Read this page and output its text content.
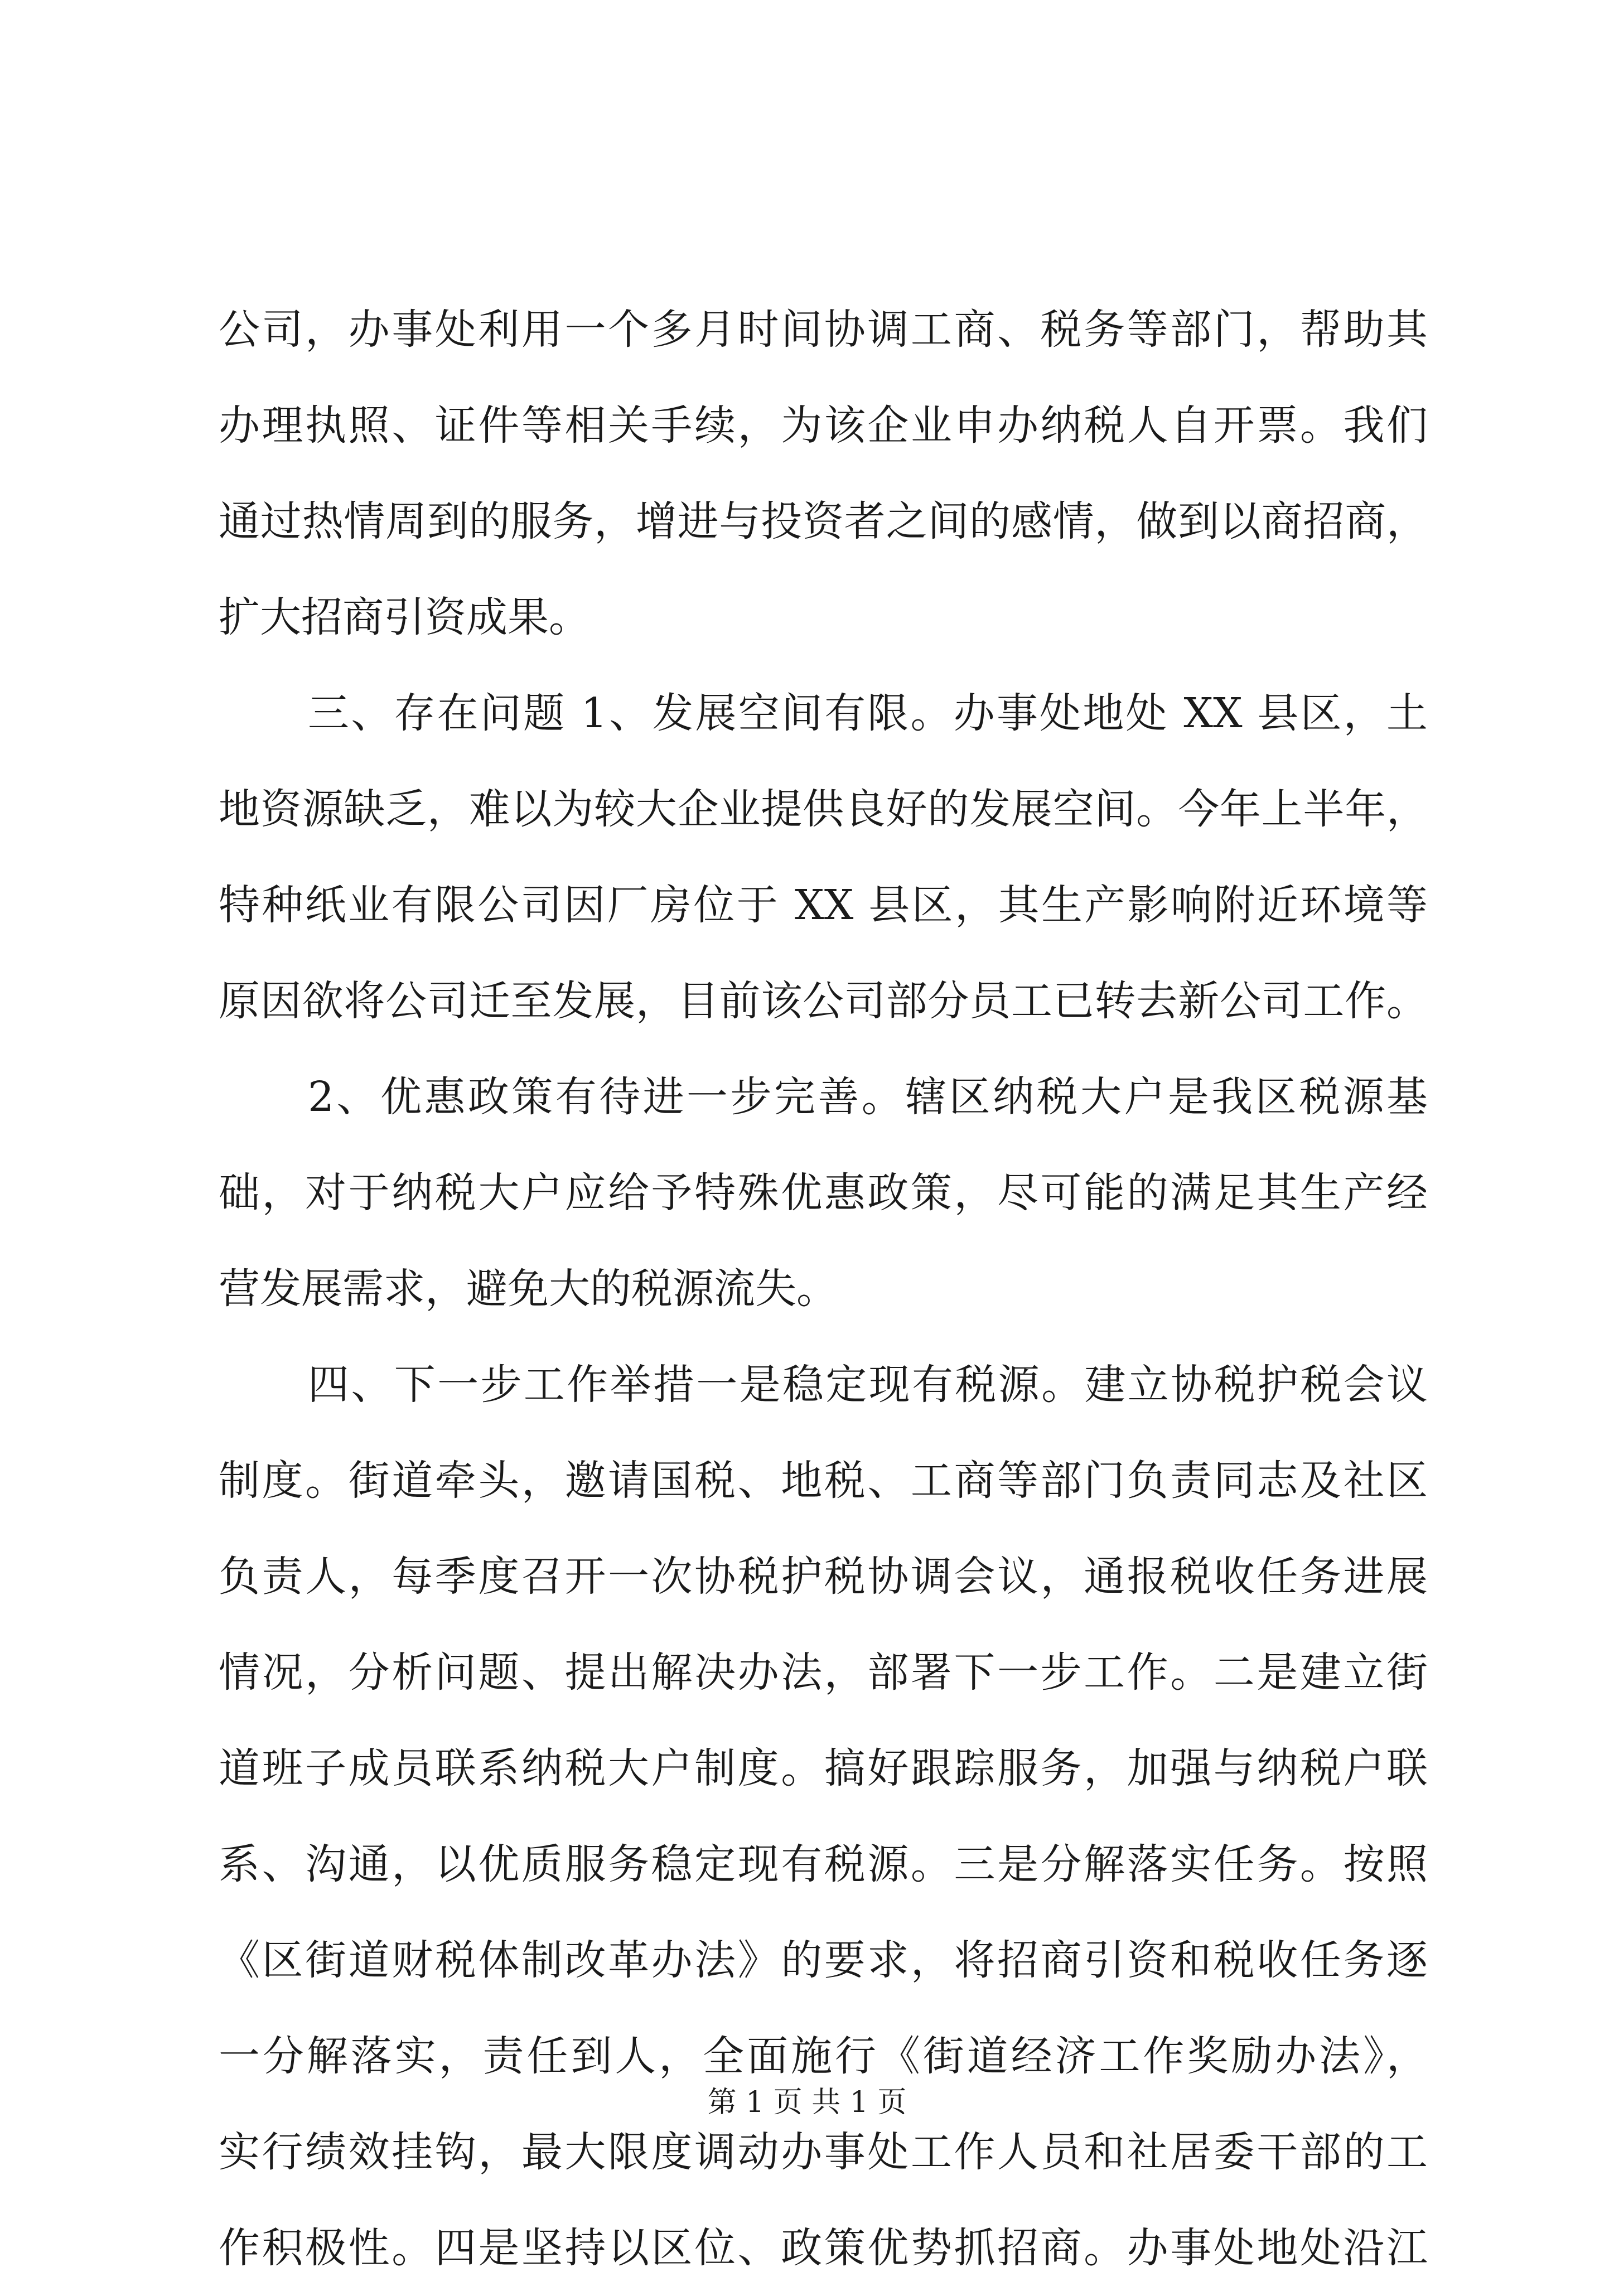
公司，办事处利用一个多月时间协调工商、税务等部门，帮助其
办理执照、证件等相关手续，为该企业申办纳税人自开票。我们
通过热情周到的服务，增进与投资者之间的感情，做到以商招商，
扩大招商引资成果。
三、存在问题 1、发展空间有限。办事处地处 XX 县区，土
地资源缺乏，难以为较大企业提供良好的发展空间。今年上半年，
特种纸业有限公司因厂房位于 XX 县区，其生产影响附近环境等
原因欲将公司迁至发展，目前该公司部分员工已转去新公司工作。
2、优惠政策有待进一步完善。辖区纳税大户是我区税源基
础，对于纳税大户应给予特殊优惠政策，尽可能的满足其生产经
营发展需求，避免大的税源流失。
四、下一步工作举措一是稳定现有税源。建立协税护税会议
制度。街道牵头，邀请国税、地税、工商等部门负责同志及社区
负责人，每季度召开一次协税护税协调会议，通报税收任务进展
情况，分析问题、提出解决办法，部署下一步工作。二是建立街
道班子成员联系纳税大户制度。搞好跟踪服务，加强与纳税户联
系、沟通，以优质服务稳定现有税源。三是分解落实任务。按照
《区街道财税体制改革办法》的要求，将招商引资和税收任务逐
一分解落实，责任到人，全面施行《街道经济工作奖励办法》，
实行绩效挂钩，最大限度调动办事处工作人员和社居委干部的工
作积极性。四是坚持以区位、政策优势抓招商。办事处地处沿江
第 1 页 共 1 页
